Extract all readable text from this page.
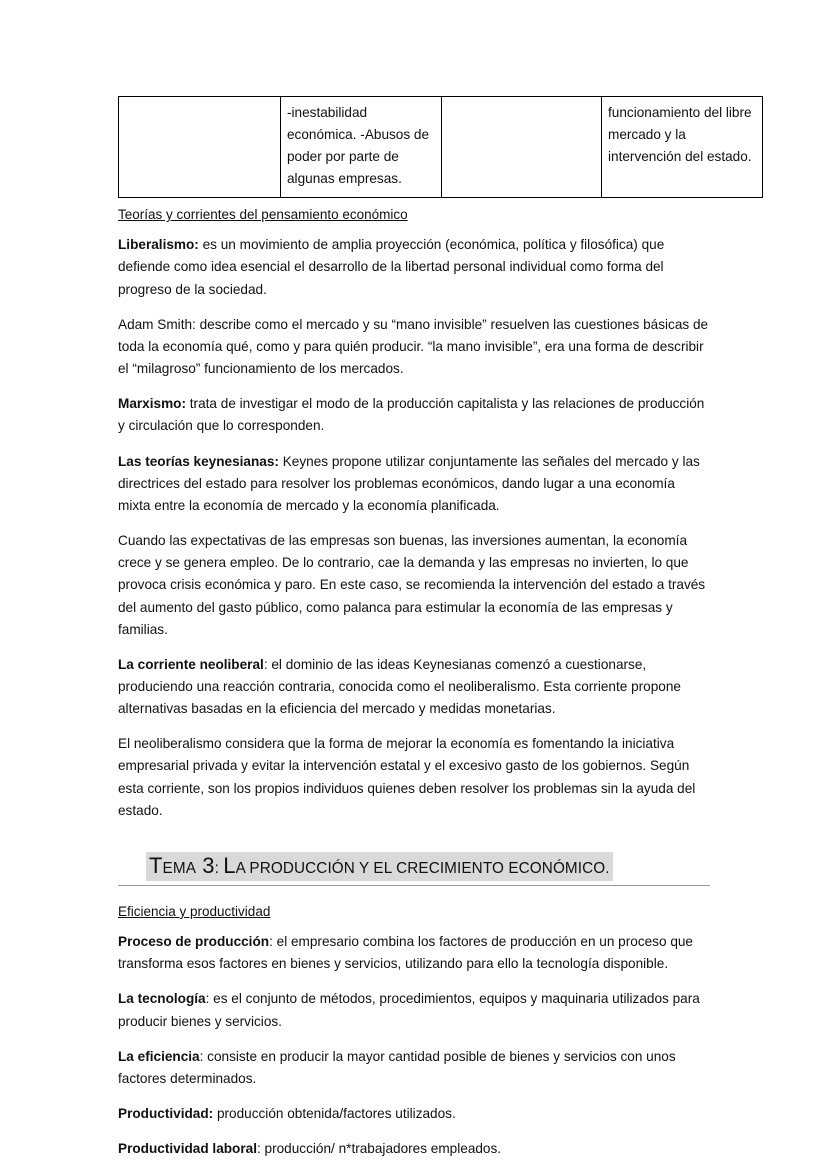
	-inestabilidad económica. -Abusos de poder por parte de algunas empresas.		funcionamiento del libre mercado y la intervención del estado.
Teorías y corrientes del pensamiento económico

Liberalismo: es un movimiento de amplia proyección (económica, política y filosófica) que defiende como idea esencial el desarrollo de la libertad personal individual como forma del progreso de la sociedad.

Adam Smith: describe como el mercado y su “mano invisible” resuelven las cuestiones básicas de toda la economía qué, como y para quién producir. “la mano invisible”, era una forma de describir el “milagroso” funcionamiento de los mercados.

Marxismo: trata de investigar el modo de la producción capitalista y las relaciones de producción y circulación que lo corresponden.

Las teorías keynesianas: Keynes propone utilizar conjuntamente las señales del mercado y las directrices del estado para resolver los problemas económicos, dando lugar a una economía mixta entre la economía de mercado y la economía planificada.

Cuando las expectativas de las empresas son buenas, las inversiones aumentan, la economía crece y se genera empleo. De lo contrario, cae la demanda y las empresas no invierten, lo que provoca crisis económica y paro. En este caso, se recomienda la intervención del estado a través del aumento del gasto público, como palanca para estimular la economía de las empresas y familias.

La corriente neoliberal: el dominio de las ideas Keynesianas comenzó a cuestionarse, produciendo una reacción contraria, conocida como el neoliberalismo. Esta corriente propone alternativas basadas en la eficiencia del mercado y medidas monetarias.

El neoliberalismo considera que la forma de mejorar la economía es fomentando la iniciativa empresarial privada y evitar la intervención estatal y el excesivo gasto de los gobiernos. Según esta corriente, son los propios individuos quienes deben resolver los problemas sin la ayuda del estado.

TEMA 3: LA PRODUCCIÓN Y EL CRECIMIENTO ECONÓMICO.
Eficiencia y productividad

Proceso de producción: el empresario combina los factores de producción en un proceso que transforma esos factores en bienes y servicios, utilizando para ello la tecnología disponible.

La tecnología: es el conjunto de métodos, procedimientos, equipos y maquinaria utilizados para producir bienes y servicios.

La eficiencia: consiste en producir la mayor cantidad posible de bienes y servicios con unos factores determinados.

Productividad: producción obtenida/factores utilizados.

Productividad laboral: producción/ n*trabajadores empleados.
